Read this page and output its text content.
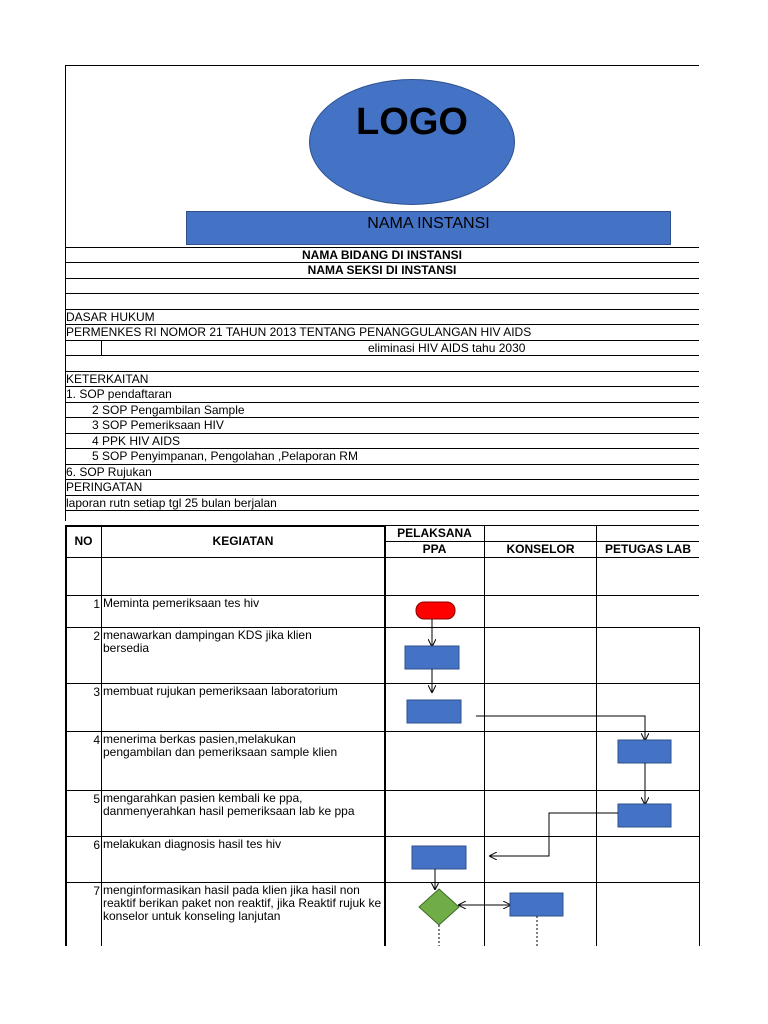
LOGO
NAMA INSTANSI
NAMA BIDANG DI INSTANSI
NAMA SEKSI DI INSTANSI
DASAR HUKUM
PERMENKES RI NOMOR 21 TAHUN 2013 TENTANG PENANGGULANGAN HIV AIDS
eliminasi HIV AIDS tahu 2030
KETERKAITAN
1. SOP pendaftaran
2 SOP Pengambilan Sample
3 SOP Pemeriksaan HIV
4 PPK HIV AIDS
5 SOP Penyimpanan, Pengolahan ,Pelaporan RM
6. SOP Rujukan
PERINGATAN
laporan rutn setiap tgl 25 bulan berjalan
NO	KEGIATAN
PELAKSANA
PPA	KONSELOR	PETUGAS LAB
1 Meminta pemeriksaan tes hiv
2 menawarkan dampingan KDS jika klien bersedia
3 membuat rujukan pemeriksaan laboratorium
4 menerima berkas pasien,melakukan pengambilan dan pemeriksaan sample klien
5 mengarahkan pasien kembali ke ppa, danmenyerahkan hasil pemeriksaan lab ke ppa
6 melakukan diagnosis hasil tes hiv
7 menginformasikan hasil pada klien jika hasil non reaktif berikan paket non reaktif, jika Reaktif rujuk ke konselor untuk konseling lanjutan
